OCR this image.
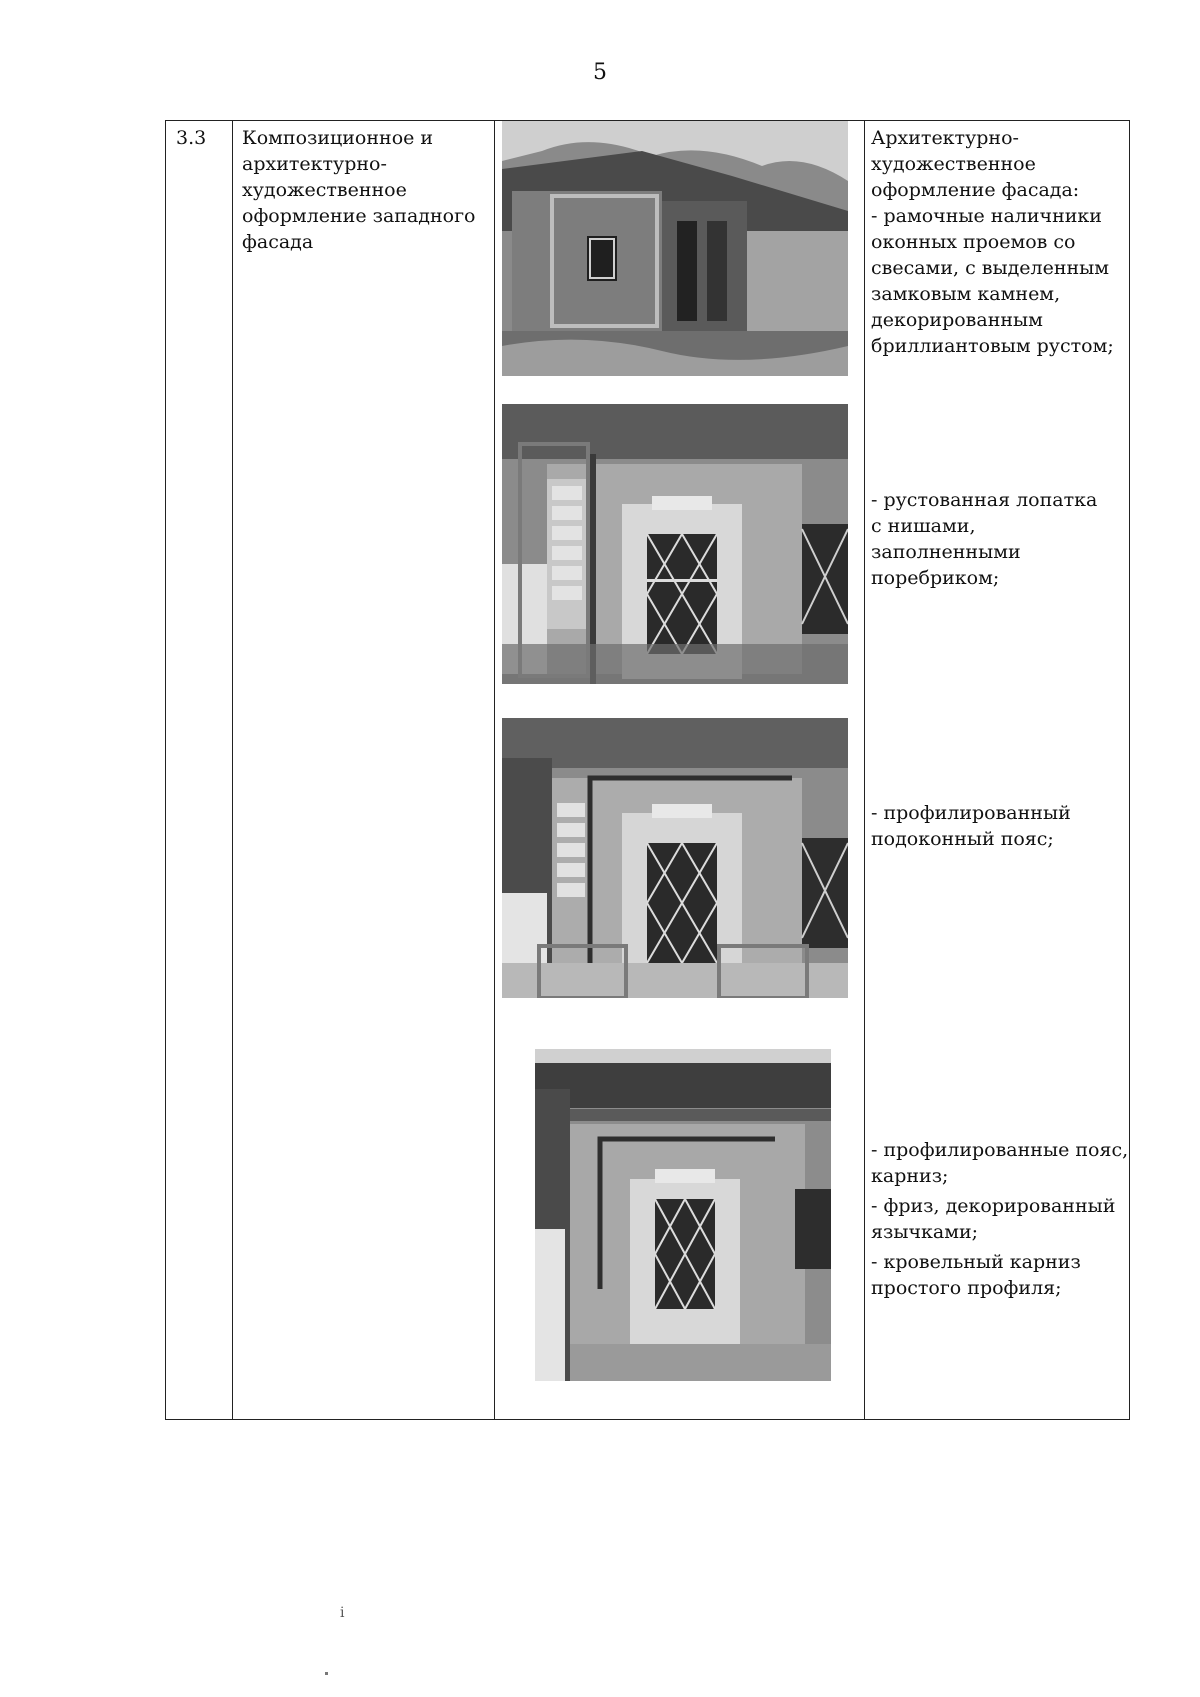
5
3.3 Композиционное и архитектурно-художественное оформление западного фасада
Архитектурно-
художественное
оформление фасада:
- рамочные наличники
оконных проемов со
свесами, с выделенным
замковым камнем,
декорированным
бриллиантовым рустом;
- рустованная лопатка
с нишами,
заполненными
поребриком;
- профилированный
подоконный пояс;
- профилированные пояс,
карниз;
- фриз, декорированный
язычками;
- кровельный карниз
простого профиля;
ⅰ
